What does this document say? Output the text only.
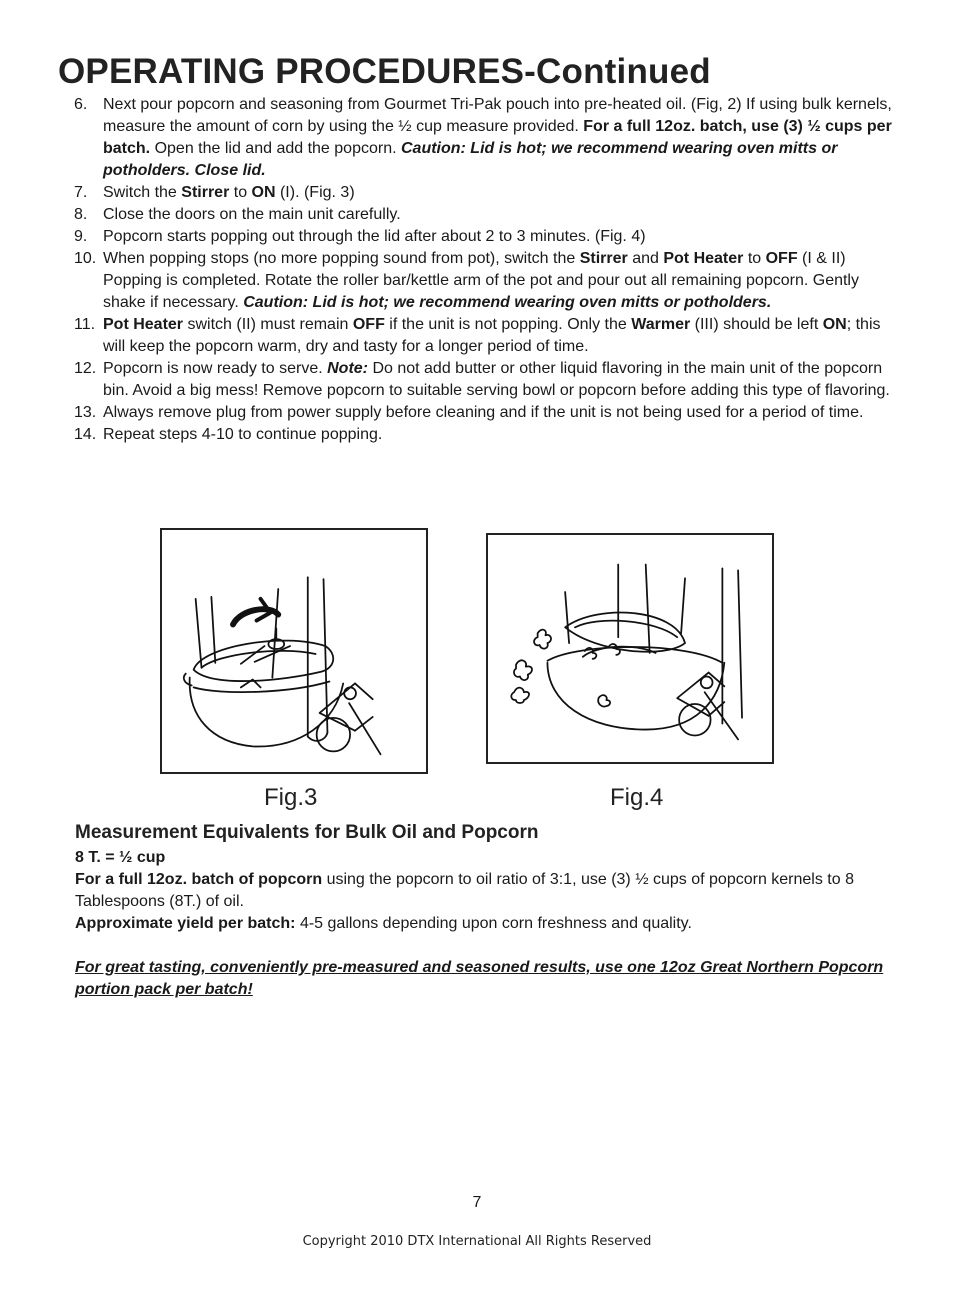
OPERATING PROCEDURES-Continued
6. Next pour popcorn and seasoning from Gourmet Tri-Pak pouch into pre-heated oil. (Fig, 2) If using bulk kernels, measure the amount of corn by using the ½ cup measure provided. For a full 12oz. batch, use (3) ½ cups per batch. Open the lid and add the popcorn. Caution: Lid is hot; we recommend wearing oven mitts or potholders. Close lid.
7. Switch the Stirrer to ON (I). (Fig. 3)
8. Close the doors on the main unit carefully.
9. Popcorn starts popping out through the lid after about 2 to 3 minutes. (Fig. 4)
10. When popping stops (no more popping sound from pot), switch the Stirrer and Pot Heater to OFF (I & II) Popping is completed. Rotate the roller bar/kettle arm of the pot and pour out all remaining popcorn. Gently shake if necessary. Caution: Lid is hot; we recommend wearing oven mitts or potholders.
11. Pot Heater switch (II) must remain OFF if the unit is not popping. Only the Warmer (III) should be left ON; this will keep the popcorn warm, dry and tasty for a longer period of time.
12. Popcorn is now ready to serve. Note: Do not add butter or other liquid flavoring in the main unit of the popcorn bin. Avoid a big mess! Remove popcorn to suitable serving bowl or popcorn before adding this type of flavoring.
13. Always remove plug from power supply before cleaning and if the unit is not being used for a period of time.
14. Repeat steps 4-10 to continue popping.
Fig.3	Fig.4
Measurement Equivalents for Bulk Oil and Popcorn

8 T. = ½ cup

For a full 12oz. batch of popcorn using the popcorn to oil ratio of 3:1, use (3) ½ cups of popcorn kernels to 8 Tablespoons (8T.) of oil.

Approximate yield per batch: 4-5 gallons depending upon corn freshness and quality.

For great tasting, conveniently pre-measured and seasoned results, use one 12oz Great Northern Popcorn portion pack per batch!

7
Copyright 2010 DTX International All Rights Reserved
